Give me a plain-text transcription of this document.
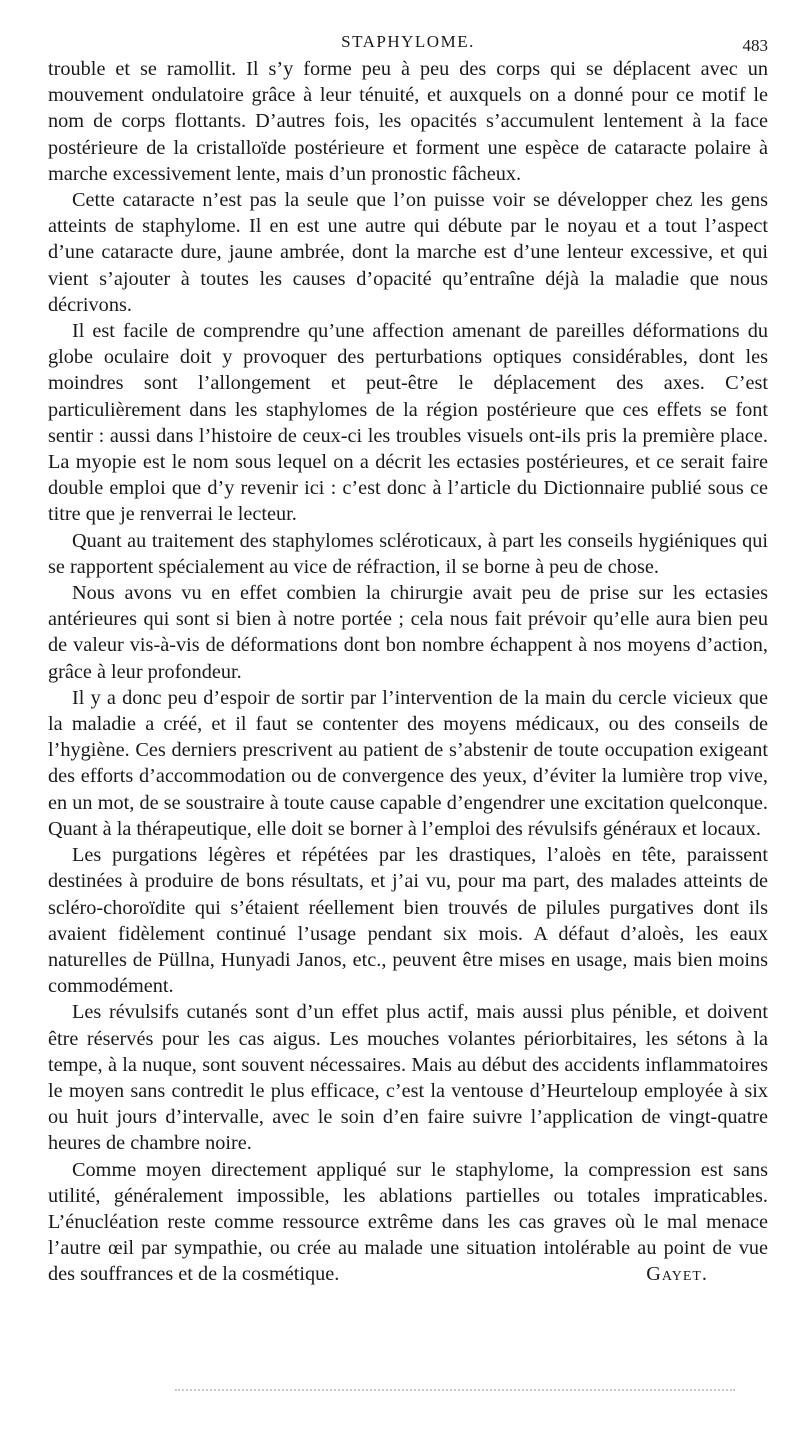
STAPHYLOME.	483

trouble et se ramollit. Il s’y forme peu à peu des corps qui se déplacent avec un mouvement ondulatoire grâce à leur ténuité, et auxquels on a donné pour ce motif le nom de corps flottants. D’autres fois, les opacités s’accumulent lentement à la face postérieure de la cristalloïde postérieure et forment une espèce de cataracte polaire à marche excessivement lente, mais d’un pronostic fâcheux.

Cette cataracte n’est pas la seule que l’on puisse voir se développer chez les gens atteints de staphylome. Il en est une autre qui débute par le noyau et a tout l’aspect d’une cataracte dure, jaune ambrée, dont la marche est d’une lenteur excessive, et qui vient s’ajouter à toutes les causes d’opacité qu’entraîne déjà la maladie que nous décrivons.

Il est facile de comprendre qu’une affection amenant de pareilles déformations du globe oculaire doit y provoquer des perturbations optiques considérables, dont les moindres sont l’allongement et peut-être le déplacement des axes. C’est particulièrement dans les staphylomes de la région postérieure que ces effets se font sentir : aussi dans l’histoire de ceux-ci les troubles visuels ont-ils pris la première place. La myopie est le nom sous lequel on a décrit les ectasies postérieures, et ce serait faire double emploi que d’y revenir ici : c’est donc à l’article du Dictionnaire publié sous ce titre que je renverrai le lecteur.

Quant au traitement des staphylomes scléroticaux, à part les conseils hygiéniques qui se rapportent spécialement au vice de réfraction, il se borne à peu de chose.

Nous avons vu en effet combien la chirurgie avait peu de prise sur les ectasies antérieures qui sont si bien à notre portée ; cela nous fait prévoir qu’elle aura bien peu de valeur vis-à-vis de déformations dont bon nombre échappent à nos moyens d’action, grâce à leur profondeur.

Il y a donc peu d’espoir de sortir par l’intervention de la main du cercle vicieux que la maladie a créé, et il faut se contenter des moyens médicaux, ou des conseils de l’hygiène. Ces derniers prescrivent au patient de s’abstenir de toute occupation exigeant des efforts d’accommodation ou de convergence des yeux, d’éviter la lumière trop vive, en un mot, de se soustraire à toute cause capable d’engendrer une excitation quelconque. Quant à la thérapeutique, elle doit se borner à l’emploi des révulsifs généraux et locaux.

Les purgations légères et répétées par les drastiques, l’aloès en tête, paraissent destinées à produire de bons résultats, et j’ai vu, pour ma part, des malades atteints de scléro-choroïdite qui s’étaient réellement bien trouvés de pilules purgatives dont ils avaient fidèlement continué l’usage pendant six mois. A défaut d’aloès, les eaux naturelles de Püllna, Hunyadi Janos, etc., peuvent être mises en usage, mais bien moins commodément.

Les révulsifs cutanés sont d’un effet plus actif, mais aussi plus pénible, et doivent être réservés pour les cas aigus. Les mouches volantes périorbitaires, les sétons à la tempe, à la nuque, sont souvent nécessaires. Mais au début des accidents inflammatoires le moyen sans contredit le plus efficace, c’est la ventouse d’Heurteloup employée à six ou huit jours d’intervalle, avec le soin d’en faire suivre l’application de vingt-quatre heures de chambre noire.

Comme moyen directement appliqué sur le staphylome, la compression est sans utilité, généralement impossible, les ablations partielles ou totales impraticables. L’énucléation reste comme ressource extrême dans les cas graves où le mal menace l’autre œil par sympathie, ou crée au malade une situation intolérable au point de vue des souffrances et de la cosmétique.	Gayet.
